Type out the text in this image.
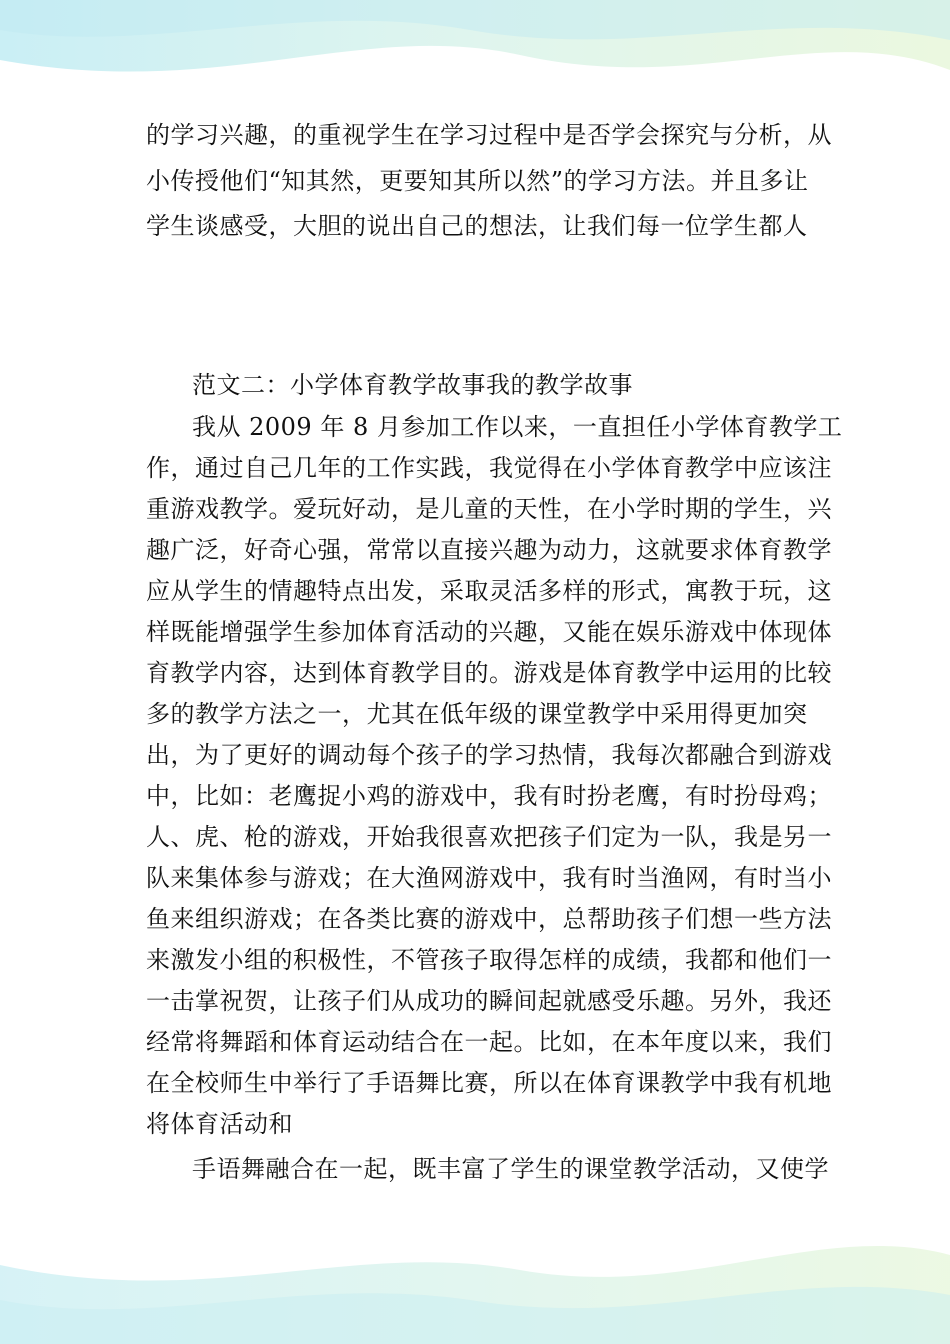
的学习兴趣，的重视学生在学习过程中是否学会探究与分析，从
小传授他们“知其然，更要知其所以然”的学习方法。并且多让
学生谈感受，大胆的说出自己的想法，让我们每一位学生都人
范文二：小学体育教学故事我的教学故事
我从 2009 年 8 月参加工作以来，一直担任小学体育教学工
作，通过自己几年的工作实践，我觉得在小学体育教学中应该注
重游戏教学。爱玩好动，是儿童的天性，在小学时期的学生，兴
趣广泛，好奇心强，常常以直接兴趣为动力，这就要求体育教学
应从学生的情趣特点出发，采取灵活多样的形式，寓教于玩，这
样既能增强学生参加体育活动的兴趣，又能在娱乐游戏中体现体
育教学内容，达到体育教学目的。游戏是体育教学中运用的比较
多的教学方法之一，尤其在低年级的课堂教学中采用得更加突
出，为了更好的调动每个孩子的学习热情，我每次都融合到游戏
中，比如：老鹰捉小鸡的游戏中，我有时扮老鹰，有时扮母鸡；
人、虎、枪的游戏，开始我很喜欢把孩子们定为一队，我是另一
队来集体参与游戏；在大渔网游戏中，我有时当渔网，有时当小
鱼来组织游戏；在各类比赛的游戏中，总帮助孩子们想一些方法
来激发小组的积极性，不管孩子取得怎样的成绩，我都和他们一
一击掌祝贺，让孩子们从成功的瞬间起就感受乐趣。另外，我还
经常将舞蹈和体育运动结合在一起。比如，在本年度以来，我们
在全校师生中举行了手语舞比赛，所以在体育课教学中我有机地
将体育活动和
手语舞融合在一起，既丰富了学生的课堂教学活动，又使学
